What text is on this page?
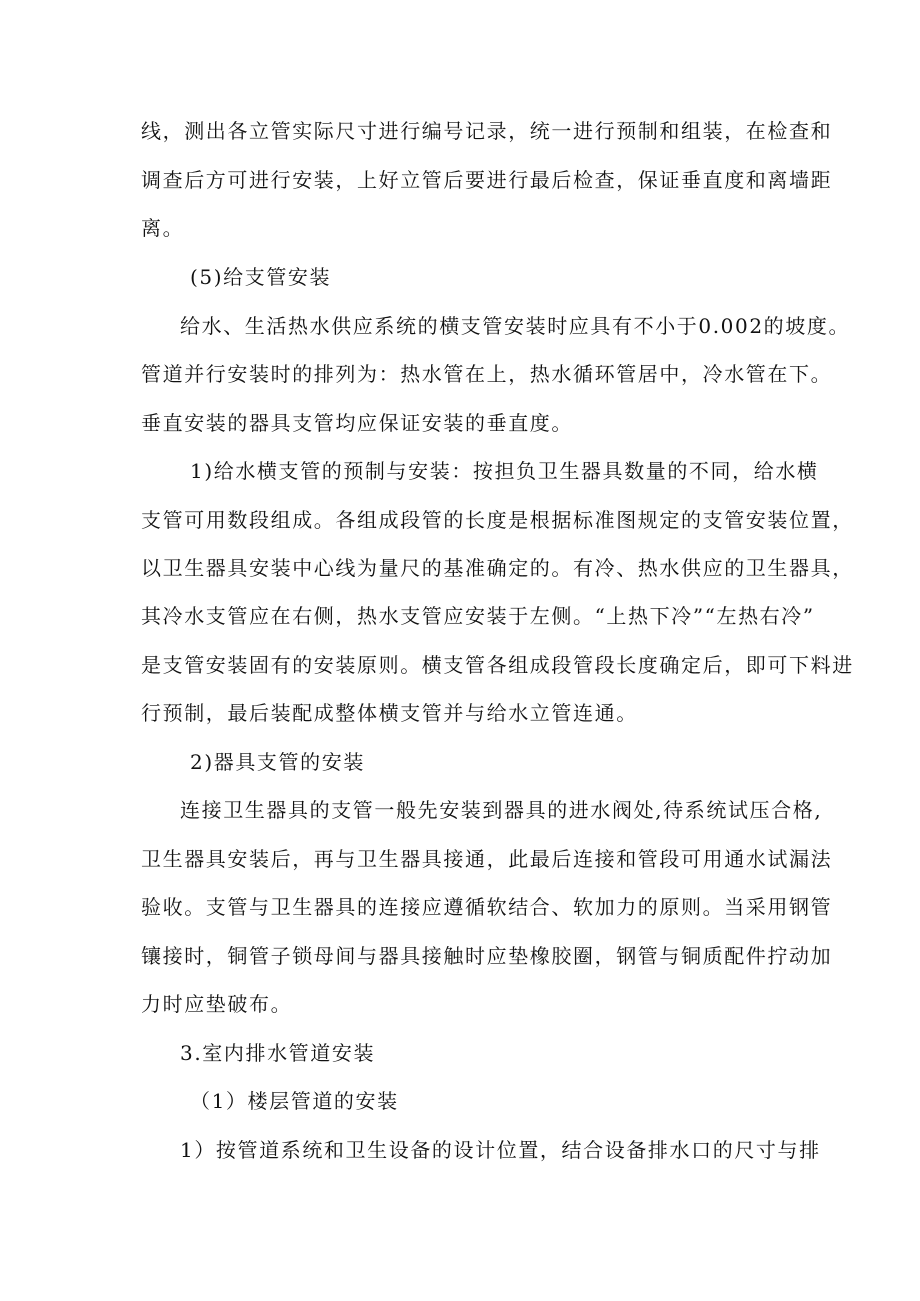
线，测出各立管实际尺寸进行编号记录，统一进行预制和组装，在检查和
调查后方可进行安装，上好立管后要进行最后检查，保证垂直度和离墙距
离。
(5)给支管安装
给水、生活热水供应系统的横支管安装时应具有不小于0.002的坡度。
管道并行安装时的排列为：热水管在上，热水循环管居中，冷水管在下。
垂直安装的器具支管均应保证安装的垂直度。
1)给水横支管的预制与安装：按担负卫生器具数量的不同，给水横
支管可用数段组成。各组成段管的长度是根据标准图规定的支管安装位置，
以卫生器具安装中心线为量尺的基准确定的。有冷、热水供应的卫生器具，
其冷水支管应在右侧，热水支管应安装于左侧。“上热下冷”“左热右冷”
是支管安装固有的安装原则。横支管各组成段管段长度确定后，即可下料进
行预制，最后装配成整体横支管并与给水立管连通。
2)器具支管的安装
连接卫生器具的支管一般先安装到器具的进水阀处,待系统试压合格,
卫生器具安装后，再与卫生器具接通，此最后连接和管段可用通水试漏法
验收。支管与卫生器具的连接应遵循软结合、软加力的原则。当采用钢管
镶接时，铜管子锁母间与器具接触时应垫橡胶圈，钢管与铜质配件拧动加
力时应垫破布。
3.室内排水管道安装
（1）楼层管道的安装
1）按管道系统和卫生设备的设计位置，结合设备排水口的尺寸与排
